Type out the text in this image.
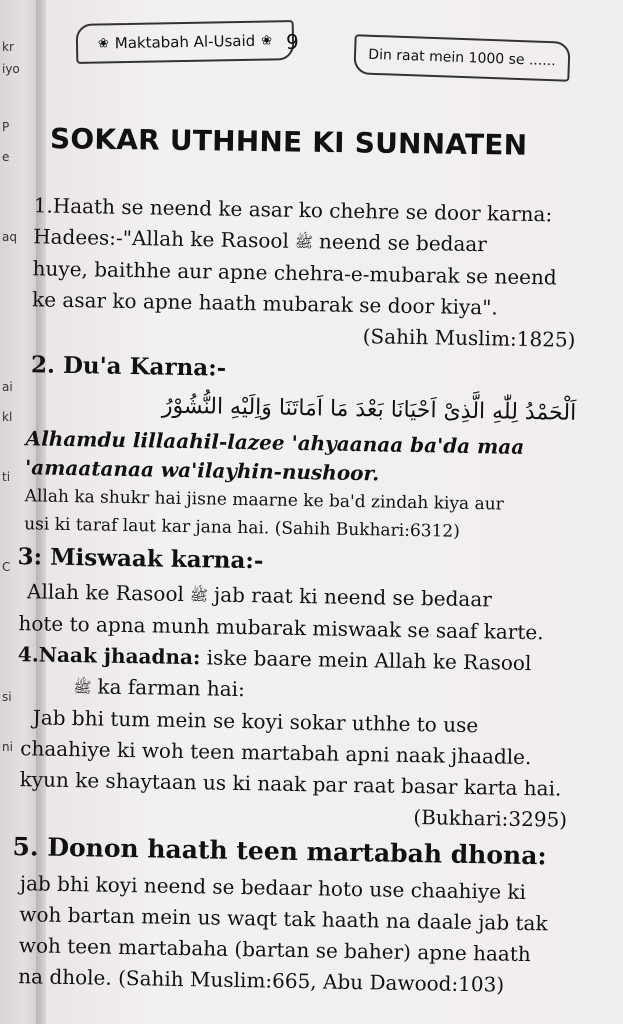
kr
iyo
P
e
aq
ai
kl
ti
C
si
ni
❀ Maktabah Al-Usaid ❀ 9
Din raat mein 1000 se ......
SOKAR UTHHNE KI SUNNATEN

1.Haath se neend ke asar ko chehre se door karna:

Hadees:-"Allah ke Rasool ﷺ neend se bedaar

huye, baithhe aur apne chehra-e-mubarak se neend

ke asar ko apne haath mubarak se door kiya".

(Sahih Muslim:1825)

2. Du'a Karna:-

اَلْحَمْدُ لِلّٰهِ الَّذِیْ اَحْیَانَا بَعْدَ مَا اَمَاتَنَا وَاِلَیْهِ النُّشُوْرُ

Alhamdu lillaahil-lazee 'ahyaanaa ba'da maa

'amaatanaa wa'ilayhin-nushoor.

Allah ka shukr hai jisne maarne ke ba'd zindah kiya aur

usi ki taraf laut kar jana hai. (Sahih Bukhari:6312)

3: Miswaak karna:-

Allah ke Rasool ﷺ jab raat ki neend se bedaar

hote to apna munh mubarak miswaak se saaf karte.

4.Naak jhaadna: iske baare mein Allah ke Rasool

ﷺ ka farman hai:

Jab bhi tum mein se koyi sokar uthhe to use

chaahiye ki woh teen martabah apni naak jhaadle.

kyun ke shaytaan us ki naak par raat basar karta hai.

(Bukhari:3295)

5. Donon haath teen martabah dhona:

jab bhi koyi neend se bedaar hoto use chaahiye ki

woh bartan mein us waqt tak haath na daale jab tak

woh teen martabaha (bartan se baher) apne haath

na dhole. (Sahih Muslim:665, Abu Dawood:103)
